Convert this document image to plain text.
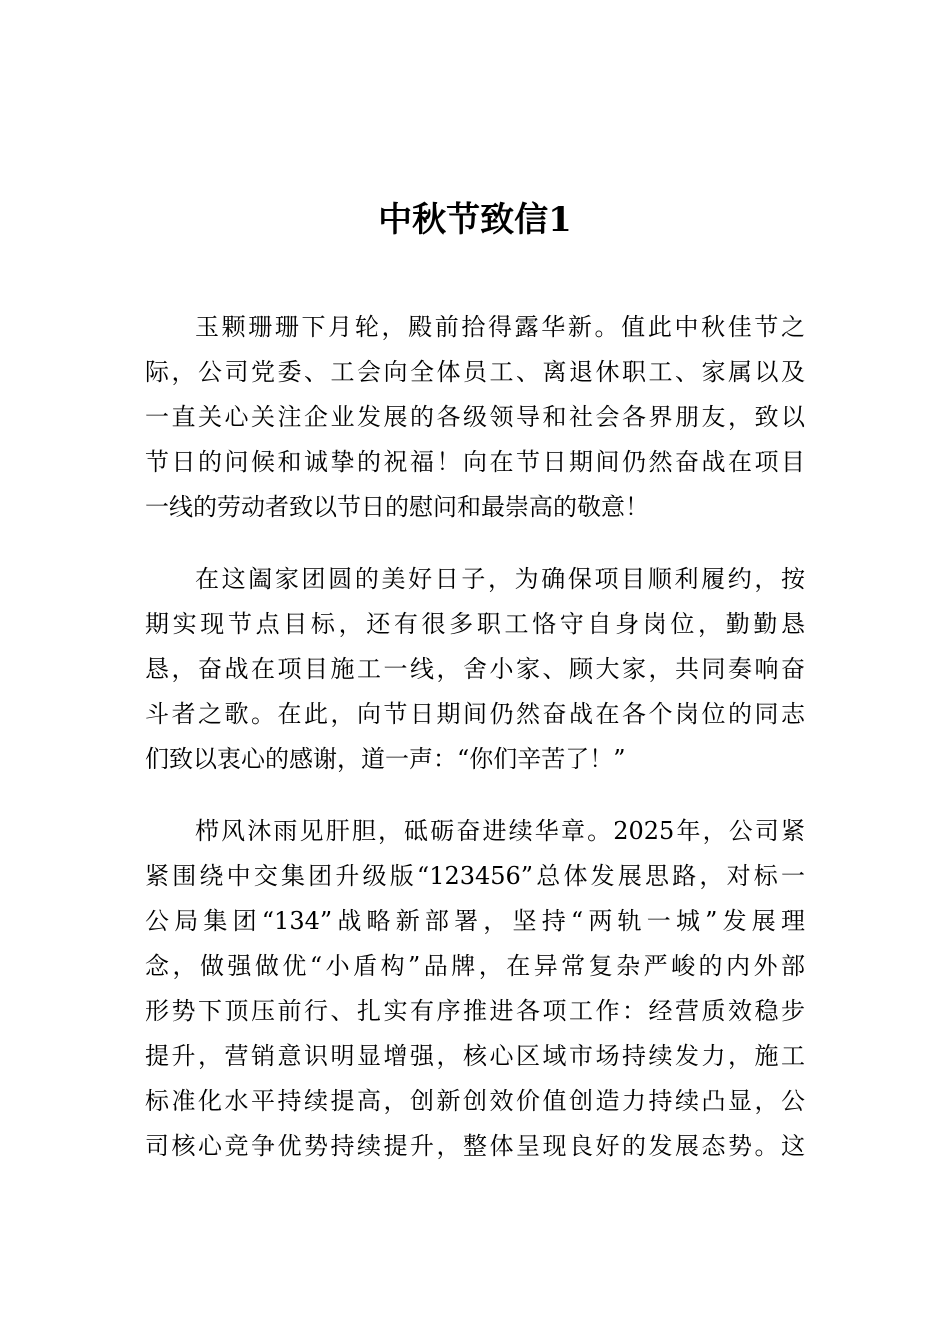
中秋节致信1
玉颗珊珊下月轮，殿前拾得露华新。值此中秋佳节之
际，公司党委、工会向全体员工、离退休职工、家属以及
一直关心关注企业发展的各级领导和社会各界朋友，致以
节日的问候和诚挚的祝福！向在节日期间仍然奋战在项目
一线的劳动者致以节日的慰问和最崇高的敬意！
在这阖家团圆的美好日子，为确保项目顺利履约，按
期实现节点目标，还有很多职工恪守自身岗位，勤勤恳
恳，奋战在项目施工一线，舍小家、顾大家，共同奏响奋
斗者之歌。在此，向节日期间仍然奋战在各个岗位的同志
们致以衷心的感谢，道一声：“你们辛苦了！”
栉风沐雨见肝胆，砥砺奋进续华章。2025年，公司紧
紧围绕中交集团升级版“123456”总体发展思路，对标一
公局集团“134”战略新部署，坚持“两轨一城”发展理
念，做强做优“小盾构”品牌，在异常复杂严峻的内外部
形势下顶压前行、扎实有序推进各项工作：经营质效稳步
提升，营销意识明显增强，核心区域市场持续发力，施工
标准化水平持续提高，创新创效价值创造力持续凸显，公
司核心竞争优势持续提升，整体呈现良好的发展态势。这
